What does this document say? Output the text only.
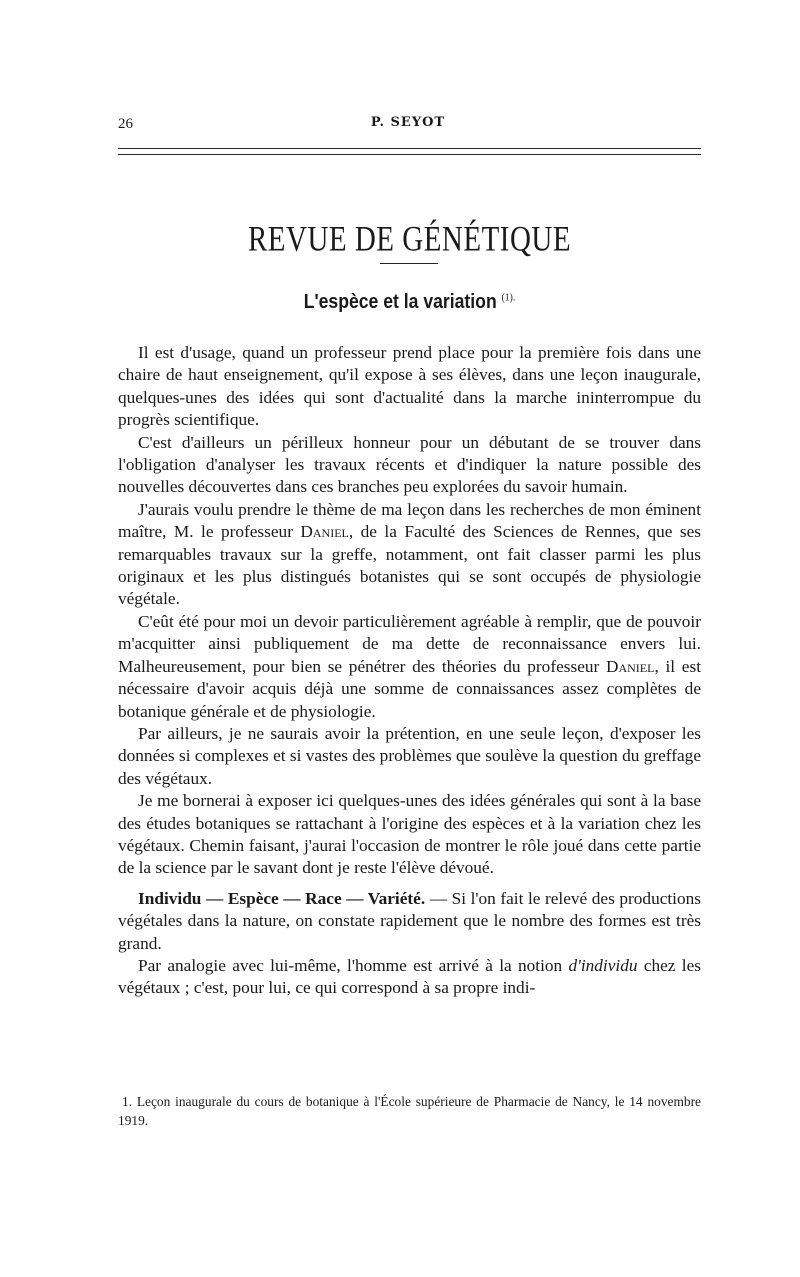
26	P. SEYOT
REVUE DE GÉNÉTIQUE
L'espèce et la variation $^{(1).}$

Il est d'usage, quand un professeur prend place pour la première fois dans une chaire de haut enseignement, qu'il expose à ses élèves, dans une leçon inaugurale, quelques-unes des idées qui sont d'actualité dans la marche ininterrompue du progrès scientifique.

C'est d'ailleurs un périlleux honneur pour un débutant de se trouver dans l'obligation d'analyser les travaux récents et d'indiquer la nature possible des nouvelles découvertes dans ces branches peu explorées du savoir humain.

J'aurais voulu prendre le thème de ma leçon dans les recherches de mon éminent maître, M. le professeur Daniel, de la Faculté des Sciences de Rennes, que ses remarquables travaux sur la greffe, notamment, ont fait classer parmi les plus originaux et les plus distingués botanistes qui se sont occupés de physiologie végétale.

C'eût été pour moi un devoir particulièrement agréable à remplir, que de pouvoir m'acquitter ainsi publiquement de ma dette de reconnaissance envers lui. Malheureusement, pour bien se pénétrer des théories du professeur Daniel, il est nécessaire d'avoir acquis déjà une somme de connaissances assez complètes de botanique générale et de physiologie.

Par ailleurs, je ne saurais avoir la prétention, en une seule leçon, d'exposer les données si complexes et si vastes des problèmes que soulève la question du greffage des végétaux.

Je me bornerai à exposer ici quelques-unes des idées générales qui sont à la base des études botaniques se rattachant à l'origine des espèces et à la variation chez les végétaux. Chemin faisant, j'aurai l'occasion de montrer le rôle joué dans cette partie de la science par le savant dont je reste l'élève dévoué.

Individu — Espèce — Race — Variété. — Si l'on fait le relevé des productions végétales dans la nature, on constate rapidement que le nombre des formes est très grand.

Par analogie avec lui-même, l'homme est arrivé à la notion d'individu chez les végétaux ; c'est, pour lui, ce qui correspond à sa propre indi-

1. Leçon inaugurale du cours de botanique à l'École supérieure de Pharmacie de Nancy, le 14 novembre 1919.
